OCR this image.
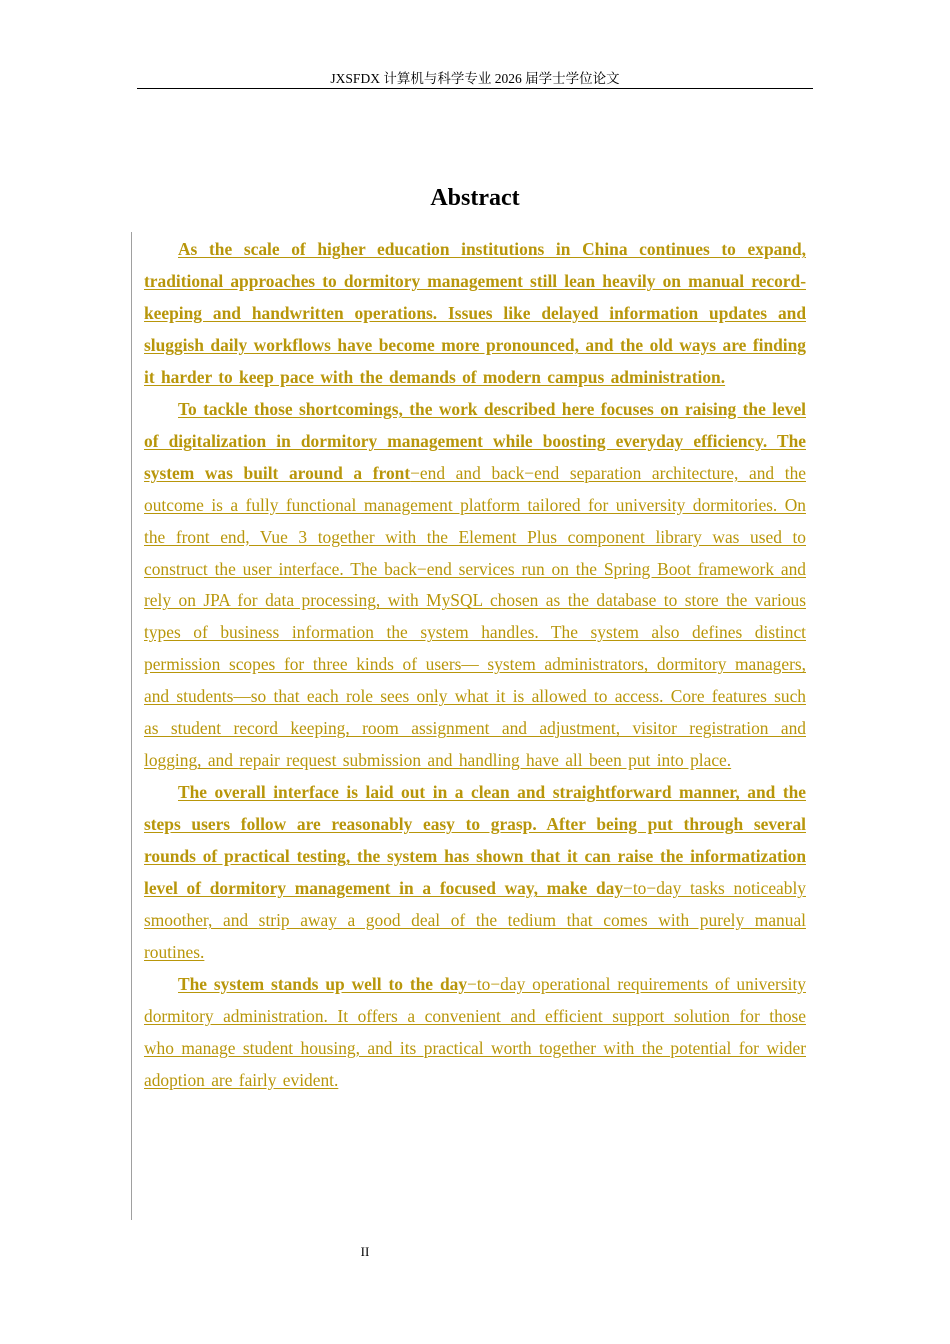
JXSFDX 计算机与科学专业 2026 届学士学位论文
Abstract

As the scale of higher education institutions in China continues to expand, traditional approaches to dormitory management still lean heavily on manual record-keeping and handwritten operations. Issues like delayed information updates and sluggish daily workflows have become more pronounced, and the old ways are finding it harder to keep pace with the demands of modern campus administration.

To tackle those shortcomings, the work described here focuses on raising the level of digitalization in dormitory management while boosting everyday efficiency. The system was built around a front−end and back−end separation architecture, and the outcome is a fully functional management platform tailored for university dormitories. On the front end, Vue 3 together with the Element Plus component library was used to construct the user interface. The back−end services run on the Spring Boot framework and rely on JPA for data processing, with MySQL chosen as the database to store the various types of business information the system handles. The system also defines distinct permission scopes for three kinds of users— system administrators, dormitory managers, and students—so that each role sees only what it is allowed to access. Core features such as student record keeping, room assignment and adjustment, visitor registration and logging, and repair request submission and handling have all been put into place.

The overall interface is laid out in a clean and straightforward manner, and the steps users follow are reasonably easy to grasp. After being put through several rounds of practical testing, the system has shown that it can raise the informatization level of dormitory management in a focused way, make day−to−day tasks noticeably smoother, and strip away a good deal of the tedium that comes with purely manual routines.

The system stands up well to the day−to−day operational requirements of university dormitory administration. It offers a convenient and efficient support solution for those who manage student housing, and its practical worth together with the potential for wider adoption are fairly evident.

II
